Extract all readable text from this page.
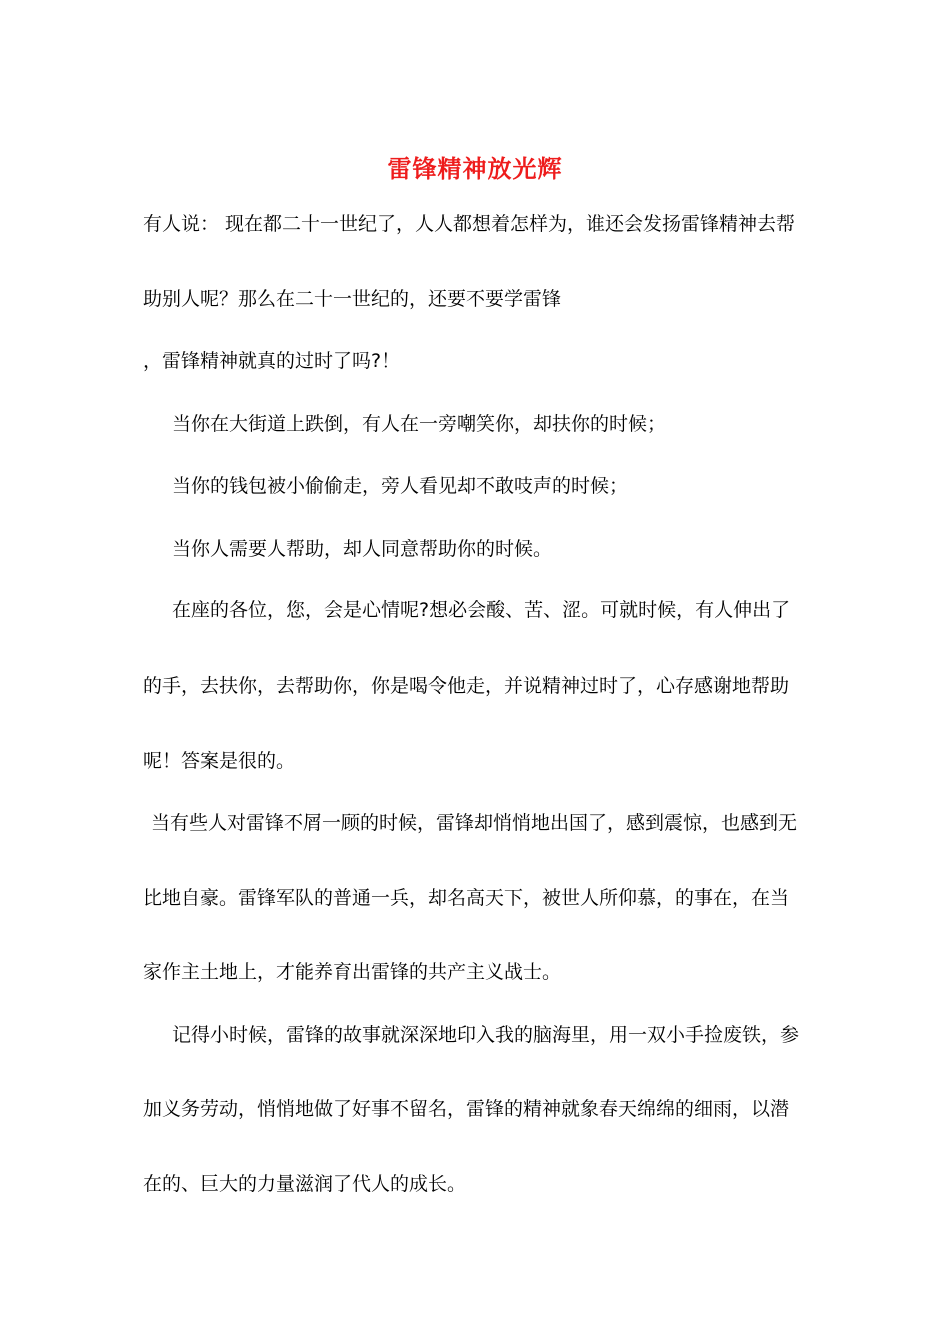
雷锋精神放光辉
有人说： 现在都二十一世纪了，人人都想着怎样为，谁还会发扬雷锋精神去帮
助别人呢？那么在二十一世纪的，还要不要学雷锋
，雷锋精神就真的过时了吗?！
当你在大街道上跌倒，有人在一旁嘲笑你，却扶你的时候；
当你的钱包被小偷偷走，旁人看见却不敢吱声的时候；
当你人需要人帮助，却人同意帮助你的时候。
在座的各位，您，会是心情呢?想必会酸、苦、涩。可就时候，有人伸出了
的手，去扶你，去帮助你，你是喝令他走，并说精神过时了，心存感谢地帮助
呢！答案是很的。
当有些人对雷锋不屑一顾的时候，雷锋却悄悄地出国了，感到震惊，也感到无
比地自豪。雷锋军队的普通一兵，却名高天下，被世人所仰慕，的事在，在当
家作主土地上，才能养育出雷锋的共产主义战士。
记得小时候，雷锋的故事就深深地印入我的脑海里，用一双小手捡废铁，参
加义务劳动，悄悄地做了好事不留名，雷锋的精神就象春天绵绵的细雨，以潜
在的、巨大的力量滋润了代人的成长。
